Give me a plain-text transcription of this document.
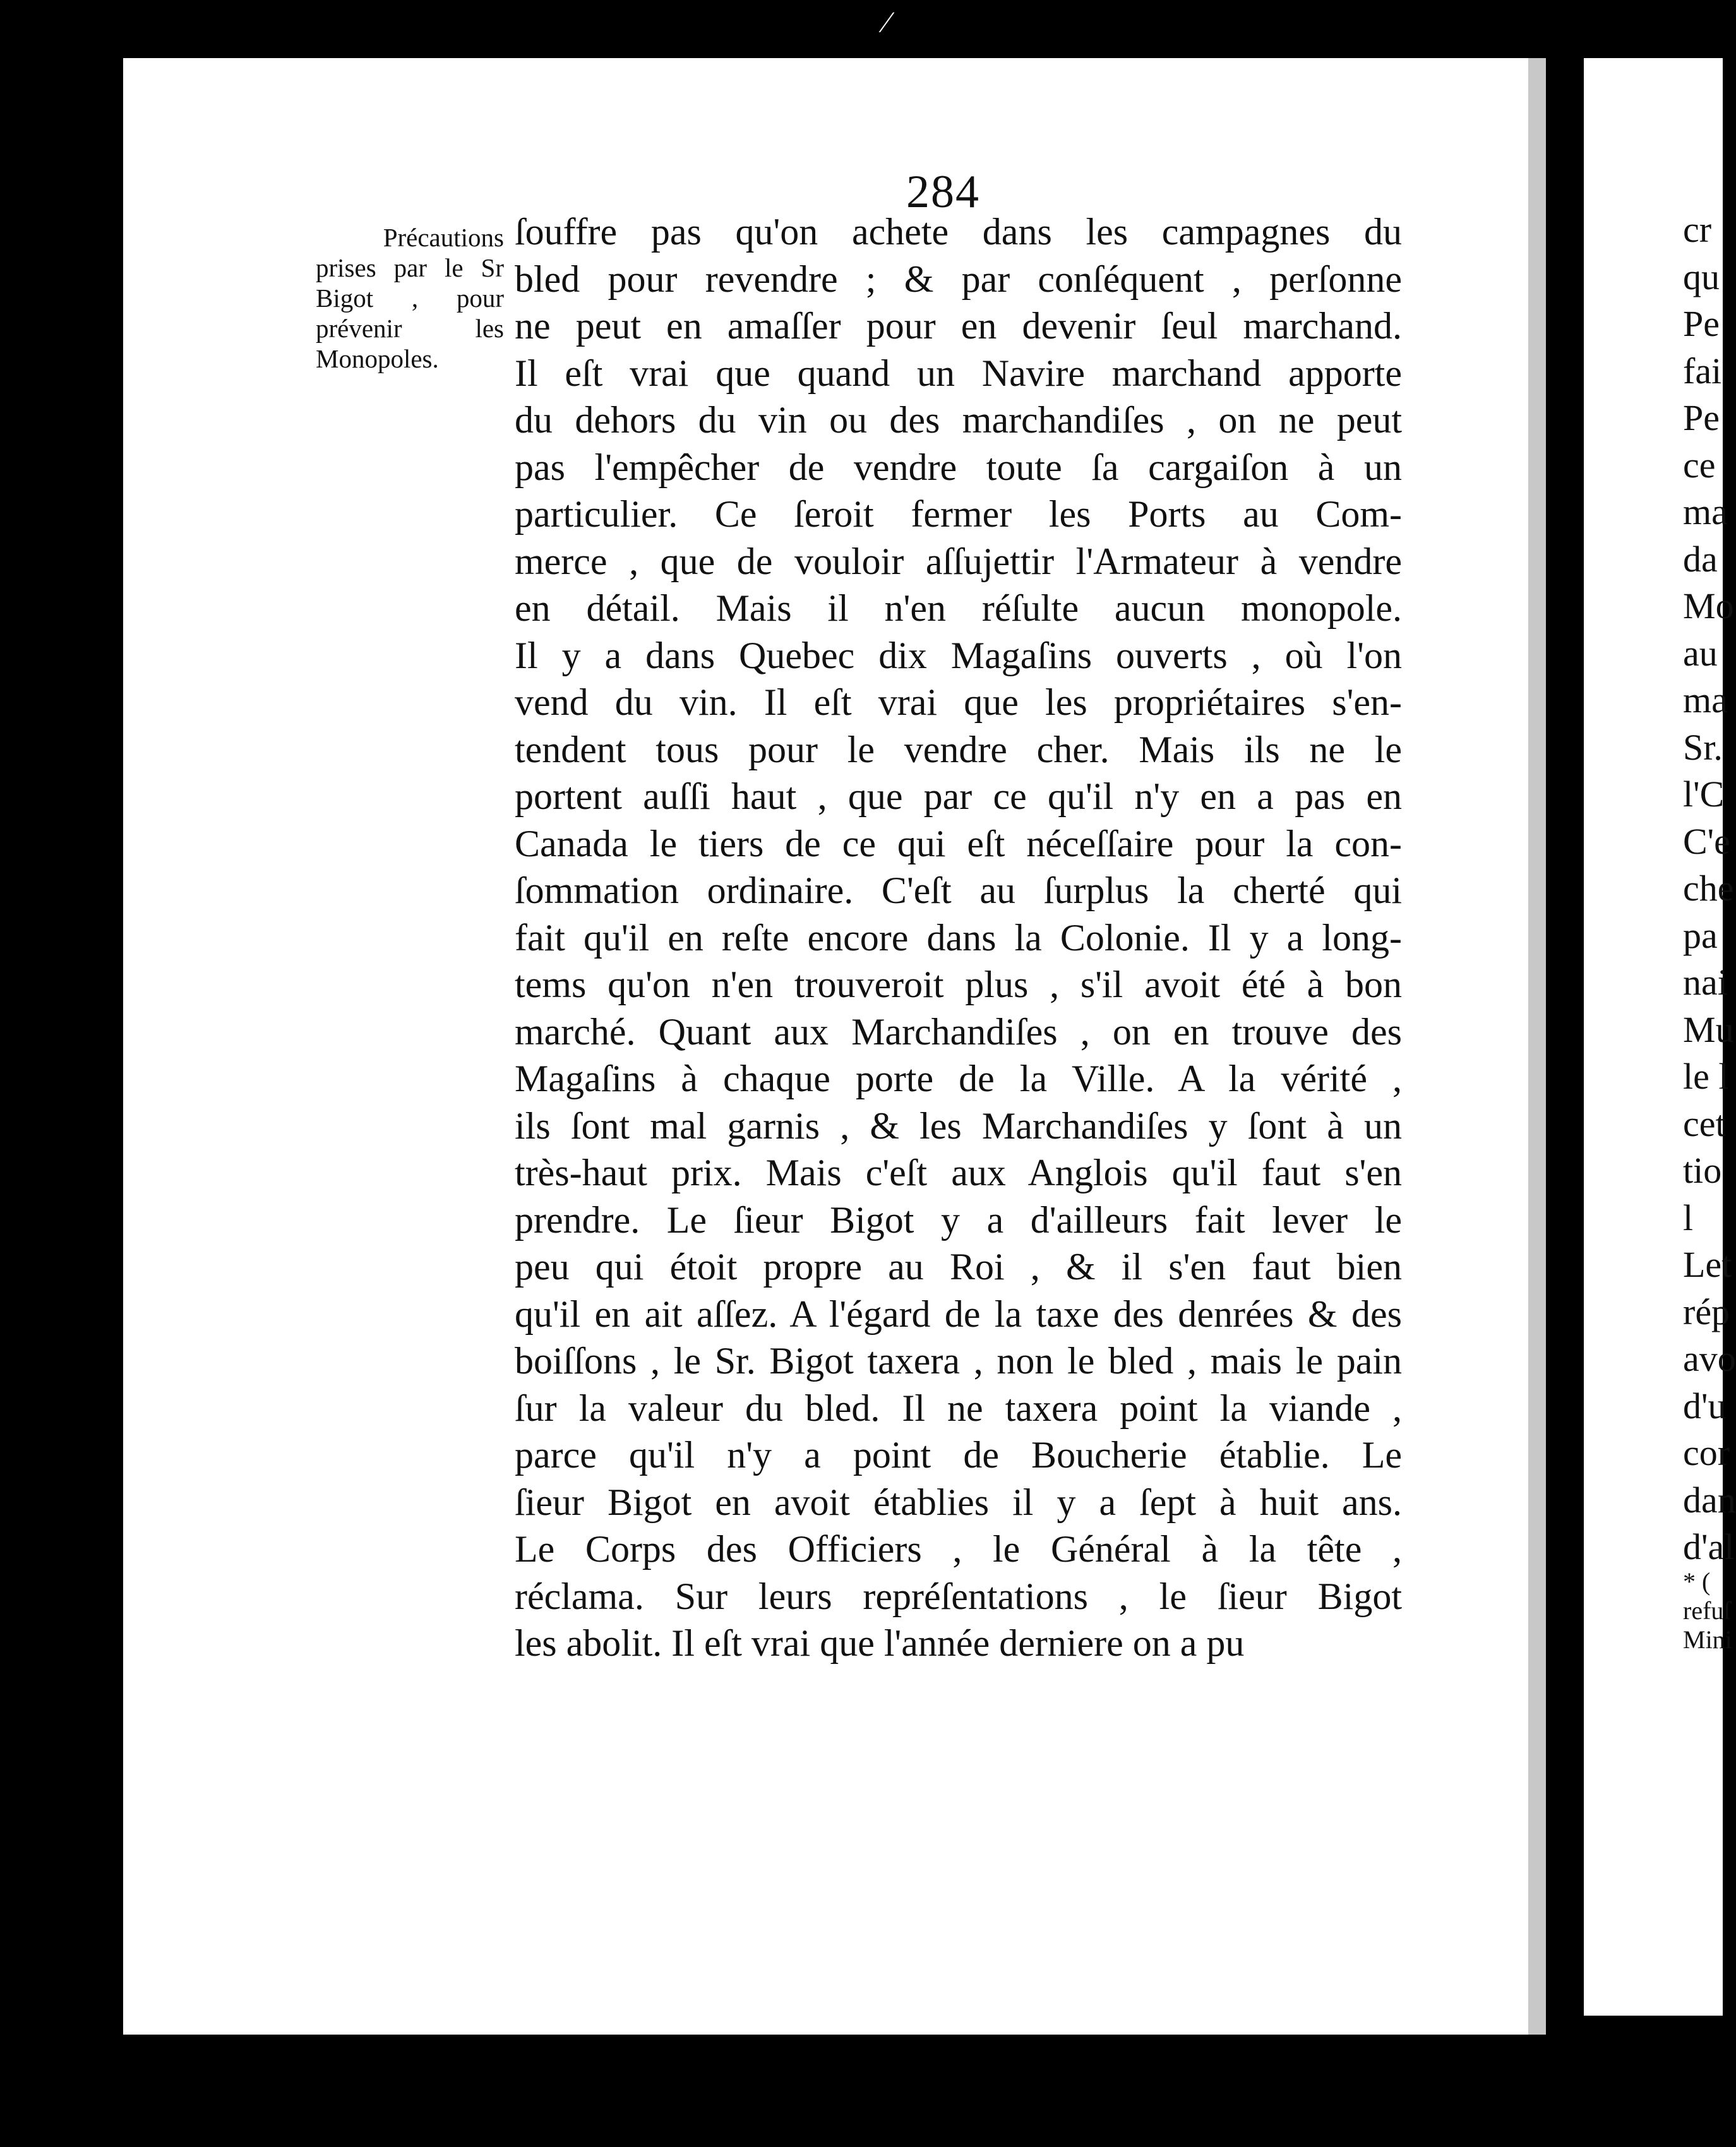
∕
284
Précautions
prises par le Sr
Bigot , pour
prévenir les
Monopoles.
ſouffre pas qu'on achete dans les campagnes du
bled pour revendre ; & par conſéquent , perſonne
ne peut en amaſſer pour en devenir ſeul marchand.
Il eſt vrai que quand un Navire marchand apporte
du dehors du vin ou des marchandiſes , on ne peut
pas l'empêcher de vendre toute ſa cargaiſon à un
particulier. Ce ſeroit fermer les Ports au Com-
merce , que de vouloir aſſujettir l'Armateur à vendre
en détail. Mais il n'en réſulte aucun monopole.
Il y a dans Quebec dix Magaſins ouverts , où l'on
vend du vin. Il eſt vrai que les propriétaires s'en-
tendent tous pour le vendre cher. Mais ils ne le
portent auſſi haut , que par ce qu'il n'y en a pas en
Canada le tiers de ce qui eſt néceſſaire pour la con-
ſommation ordinaire. C'eſt au ſurplus la cherté qui
fait qu'il en reſte encore dans la Colonie. Il y a long-
tems qu'on n'en trouveroit plus , s'il avoit été à bon
marché. Quant aux Marchandiſes , on en trouve des
Magaſins à chaque porte de la Ville. A la vérité ,
ils ſont mal garnis , & les Marchandiſes y ſont à un
très-haut prix. Mais c'eſt aux Anglois qu'il faut s'en
prendre. Le ſieur Bigot y a d'ailleurs fait lever le
peu qui étoit propre au Roi , & il s'en faut bien
qu'il en ait aſſez. A l'égard de la taxe des denrées & des
boiſſons , le Sr. Bigot taxera , non le bled , mais le pain
ſur la valeur du bled. Il ne taxera point la viande ,
parce qu'il n'y a point de Boucherie établie. Le
ſieur Bigot en avoit établies il y a ſept à huit ans.
Le Corps des Officiers , le Général à la tête ,
réclama. Sur leurs repréſentations , le ſieur Bigot
les abolit. Il eſt vrai que l'année derniere on a pu
cr
qu
Pe
fai
Pe
ce
ma
da
Mo
au
ma
Sr.
l'C
C'e
che
pa
nai
Mu
le l
cet
tio
l
Let
rép
avo
d'u
cor
dan
d'al
* (
refuſ
Mini
